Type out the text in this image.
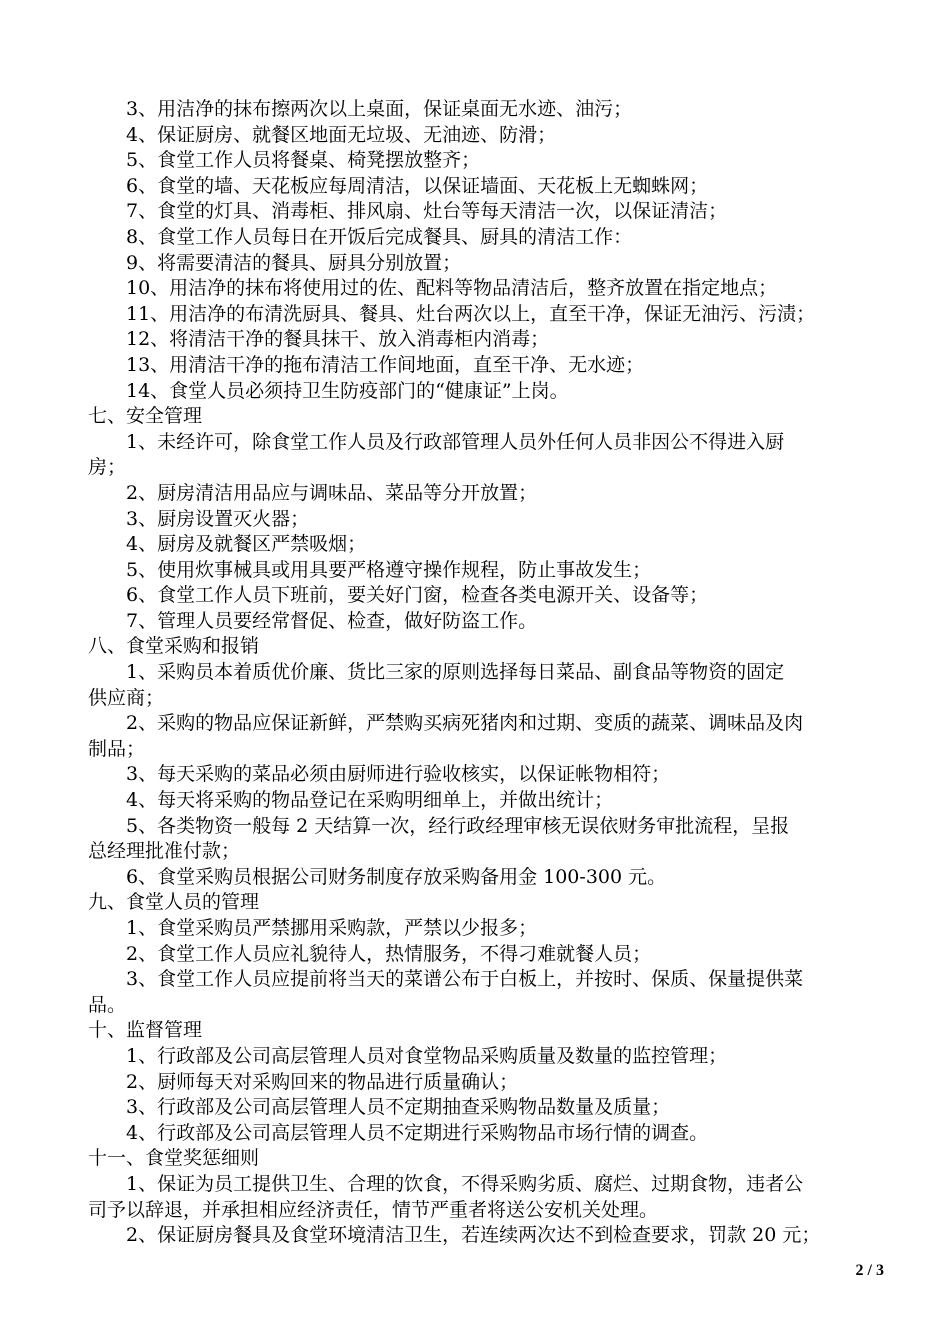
3、用洁净的抹布擦两次以上桌面，保证桌面无水迹、油污；
4、保证厨房、就餐区地面无垃圾、无油迹、防滑；
5、食堂工作人员将餐桌、椅凳摆放整齐；
6、食堂的墙、天花板应每周清洁，以保证墙面、天花板上无蜘蛛网；
7、食堂的灯具、消毒柜、排风扇、灶台等每天清洁一次，以保证清洁；
8、食堂工作人员每日在开饭后完成餐具、厨具的清洁工作：
9、将需要清洁的餐具、厨具分别放置；
10、用洁净的抹布将使用过的佐、配料等物品清洁后，整齐放置在指定地点；
11、用洁净的布清洗厨具、餐具、灶台两次以上，直至干净，保证无油污、污渍；
12、将清洁干净的餐具抹干、放入消毒柜内消毒；
13、用清洁干净的拖布清洁工作间地面，直至干净、无水迹；
14、食堂人员必须持卫生防疫部门的“健康证”上岗。
七、安全管理
1、未经许可，除食堂工作人员及行政部管理人员外任何人员非因公不得进入厨
房；
2、厨房清洁用品应与调味品、菜品等分开放置；
3、厨房设置灭火器；
4、厨房及就餐区严禁吸烟；
5、使用炊事械具或用具要严格遵守操作规程，防止事故发生；
6、食堂工作人员下班前，要关好门窗，检查各类电源开关、设备等；
7、管理人员要经常督促、检查，做好防盗工作。
八、食堂采购和报销
1、采购员本着质优价廉、货比三家的原则选择每日菜品、副食品等物资的固定
供应商；
2、采购的物品应保证新鲜，严禁购买病死猪肉和过期、变质的蔬菜、调味品及肉
制品；
3、每天采购的菜品必须由厨师进行验收核实，以保证帐物相符；
4、每天将采购的物品登记在采购明细单上，并做出统计；
5、各类物资一般每 2 天结算一次，经行政经理审核无误依财务审批流程，呈报
总经理批准付款；
6、食堂采购员根据公司财务制度存放采购备用金 100-300 元。
九、食堂人员的管理
1、食堂采购员严禁挪用采购款，严禁以少报多；
2、食堂工作人员应礼貌待人，热情服务，不得刁难就餐人员；
3、食堂工作人员应提前将当天的菜谱公布于白板上，并按时、保质、保量提供菜
品。
十、监督管理
1、行政部及公司高层管理人员对食堂物品采购质量及数量的监控管理；
2、厨师每天对采购回来的物品进行质量确认；
3、行政部及公司高层管理人员不定期抽查采购物品数量及质量；
4、行政部及公司高层管理人员不定期进行采购物品市场行情的调查。
十一、食堂奖惩细则
1、保证为员工提供卫生、合理的饮食，不得采购劣质、腐烂、过期食物，违者公
司予以辞退，并承担相应经济责任，情节严重者将送公安机关处理。
2、保证厨房餐具及食堂环境清洁卫生，若连续两次达不到检查要求，罚款 20 元；
2 / 3
